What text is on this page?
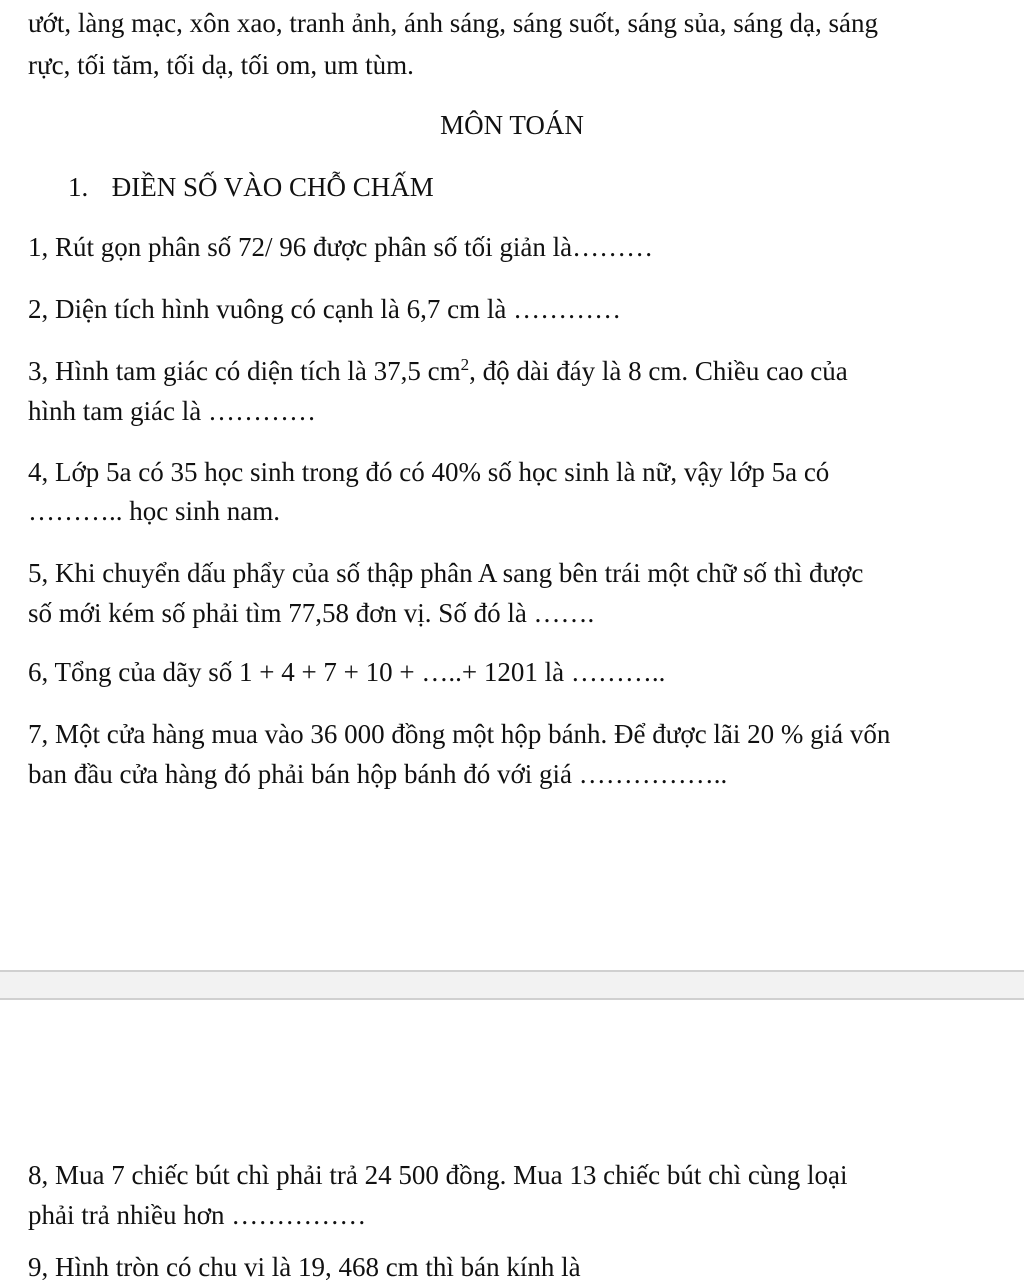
ướt, làng mạc, xôn xao, tranh ảnh, ánh sáng, sáng suốt, sáng sủa, sáng dạ, sáng
rực, tối tăm, tối dạ, tối om, um tùm.
MÔN TOÁN
1. ĐIỀN SỐ VÀO CHỖ CHẤM
1, Rút gọn phân số 72/ 96 được phân số tối giản là………
2, Diện tích hình vuông có cạnh là 6,7 cm là …………
3, Hình tam giác có diện tích là 37,5 $cm^2$, độ dài đáy là 8 cm. Chiều cao của
hình tam giác là …………
4, Lớp 5a có 35 học sinh trong đó có 40% số học sinh là nữ, vậy lớp 5a có
……….. học sinh nam.
5, Khi chuyển dấu phẩy của số thập phân A sang bên trái một chữ số thì được
số mới kém số phải tìm 77,58 đơn vị. Số đó là …….
6, Tổng của dãy số 1 + 4 + 7 + 10 + …..+ 1201 là ………..
7, Một cửa hàng mua vào 36 000 đồng một hộp bánh. Để được lãi 20 % giá vốn
ban đầu cửa hàng đó phải bán hộp bánh đó với giá ……………..
8, Mua 7 chiếc bút chì phải trả 24 500 đồng. Mua 13 chiếc bút chì cùng loại
phải trả nhiều hơn ……………
9, Hình tròn có chu vi là 19, 468 cm thì bán kính là
